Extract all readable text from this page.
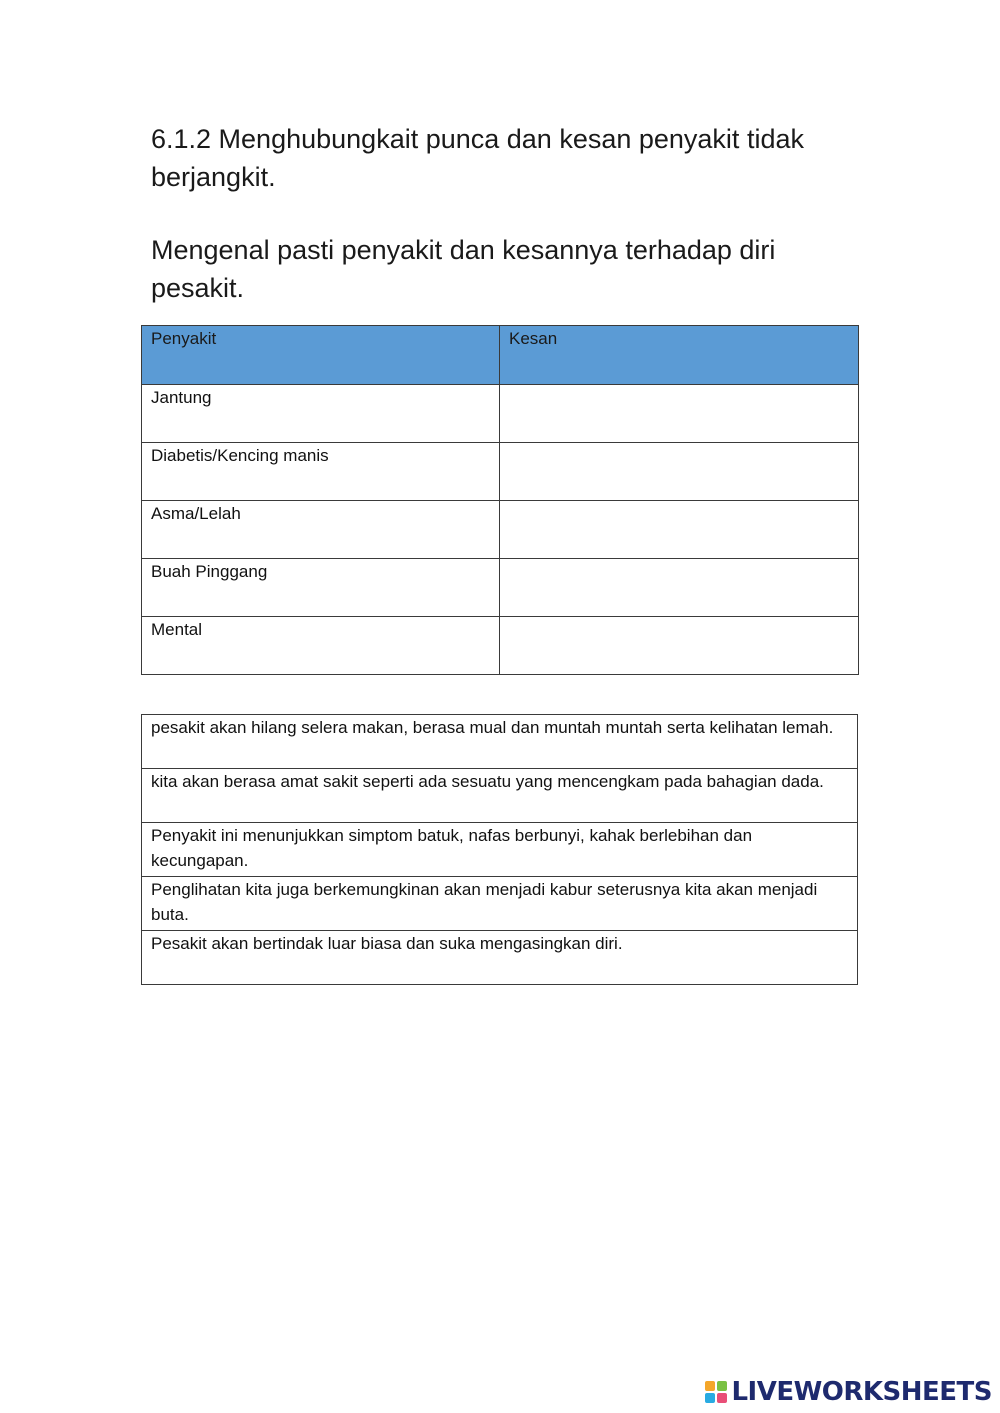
6.1.2 Menghubungkait punca dan kesan penyakit tidak berjangkit.

Mengenal pasti penyakit dan kesannya terhadap diri pesakit.

Penyakit	Kesan
Jantung	
Diabetis/Kencing manis	
Asma/Lelah	
Buah Pinggang	
Mental	
pesakit akan hilang selera makan, berasa mual dan muntah muntah serta kelihatan lemah.
kita akan berasa amat sakit seperti ada sesuatu yang mencengkam pada bahagian dada.
Penyakit ini menunjukkan simptom batuk, nafas berbunyi, kahak berlebihan dan kecungapan.
Penglihatan kita juga berkemungkinan akan menjadi kabur seterusnya kita akan menjadi buta.
Pesakit akan bertindak luar biasa dan suka mengasingkan diri.
LIVEWORKSHEETS
